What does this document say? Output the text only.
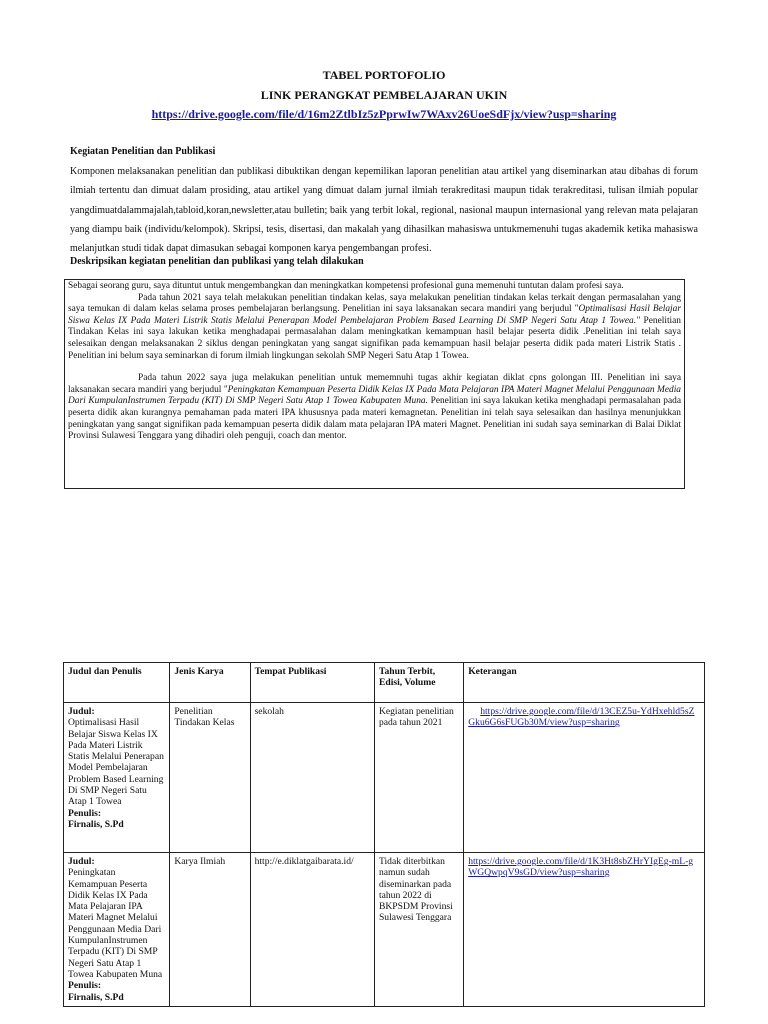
TABEL PORTOFOLIO
LINK PERANGKAT PEMBELAJARAN UKIN
https://drive.google.com/file/d/16m2ZtlbIz5zPprwIw7WAxv26UoeSdFjx/view?usp=sharing
Kegiatan Penelitian dan Publikasi
Komponen melaksanakan penelitian dan publikasi dibuktikan dengan kepemilikan laporan penelitian atau artikel yang diseminarkan atau dibahas di forum ilmiah tertentu dan dimuat dalam prosiding, atau artikel yang dimuat dalam jurnal ilmiah terakreditasi maupun tidak terakreditasi, tulisan ilmiah popular yangdimuatdalammajalah,tabloid,koran,newsletter,atau bulletin; baik yang terbit lokal, regional, nasional maupun internasional yang relevan mata pelajaran yang diampu baik (individu/kelompok). Skripsi, tesis, disertasi, dan makalah yang dihasilkan mahasiswa untukmemenuhi tugas akademik ketika mahasiswa melanjutkan studi tidak dapat dimasukan sebagai komponen karya pengembangan profesi.
Deskripsikan kegiatan penelitian dan publikasi yang telah dilakukan

Sebagai seorang guru, saya dituntut untuk mengembangkan dan meningkatkan kompetensi profesional guna memenuhi tuntutan dalam profesi saya.

Pada tahun 2021 saya telah melakukan penelitian tindakan kelas, saya melakukan penelitian tindakan kelas terkait dengan permasalahan yang saya temukan di dalam kelas selama proses pembelajaran berlangsung. Penelitian ini saya laksanakan secara mandiri yang berjudul "Optimalisasi Hasil Belajar Siswa Kelas IX Pada Materi Listrik Statis Melalui Penerapan Model Pembelajaran Problem Based Learning Di SMP Negeri Satu Atap 1 Towea." Penelitian Tindakan Kelas ini saya lakukan ketika menghadapai permasalahan dalam meningkatkan kemampuan hasil belajar peserta didik .Penelitian ini telah saya selesaikan dengan melaksanakan 2 siklus dengan peningkatan yang sangat signifikan pada kemampuan hasil belajar peserta didik pada materi Listrik Statis . Penelitian ini belum saya seminarkan di forum ilmiah lingkungan sekolah SMP Negeri Satu Atap 1 Towea.

Pada tahun 2022 saya juga melakukan penelitian untuk mememnuhi tugas akhir kegiatan diklat cpns golongan III. Penelitian ini saya laksanakan secara mandiri yang berjudul "Peningkatan Kemampuan Peserta Didik Kelas IX Pada Mata Pelajaran IPA Materi Magnet Melalui Penggunaan Media Dari KumpulanInstrumen Terpadu (KIT) Di SMP Negeri Satu Atap 1 Towea Kabupaten Muna. Penelitian ini saya lakukan ketika menghadapi permasalahan pada peserta didik akan kurangnya pemahaman pada materi IPA khususnya pada materi kemagnetan. Penelitian ini telah saya selesaikan dan hasilnya menunjukkan peningkatan yang sangat signifikan pada kemampuan peserta didik dalam mata pelajaran IPA materi Magnet. Penelitian ini sudah saya seminarkan di Balai Diklat Provinsi Sulawesi Tenggara yang dihadiri oleh penguji, coach dan mentor.

Judul dan Penulis	Jenis Karya	Tempat Publikasi	Tahun Terbit, Edisi, Volume	Keterangan

Judul:
Optimalisasi Hasil Belajar Siswa Kelas IX Pada Materi Listrik Statis Melalui Penerapan Model Pembelajaran Problem Based Learning Di SMP Negeri Satu Atap 1 Towea
Penulis:
Firnalis, S.Pd	Penelitian Tindakan Kelas	sekolah	Kegiatan penelitian pada tahun 2021	https://drive.google.com/file/d/13CEZ5u-YdHxehld5sZGku6G6sFUGb30M/view?usp=sharing

Judul:
Peningkatan Kemampuan Peserta Didik Kelas IX Pada Mata Pelajaran IPA Materi Magnet Melalui Penggunaan Media Dari KumpulanInstrumen Terpadu (KIT) Di SMP Negeri Satu Atap 1 Towea Kabupaten Muna
Penulis:
Firnalis, S.Pd	Karya Ilmiah	http://e.diklatgaibarata.id/	Tidak diterbitkan namun sudah diseminarkan pada tahun 2022 di BKPSDM Provinsi Sulawesi Tenggara	https://drive.google.com/file/d/1K3Ht8sbZHrYIgEg-mL-gWGQwpqV9sGD/view?usp=sharing
